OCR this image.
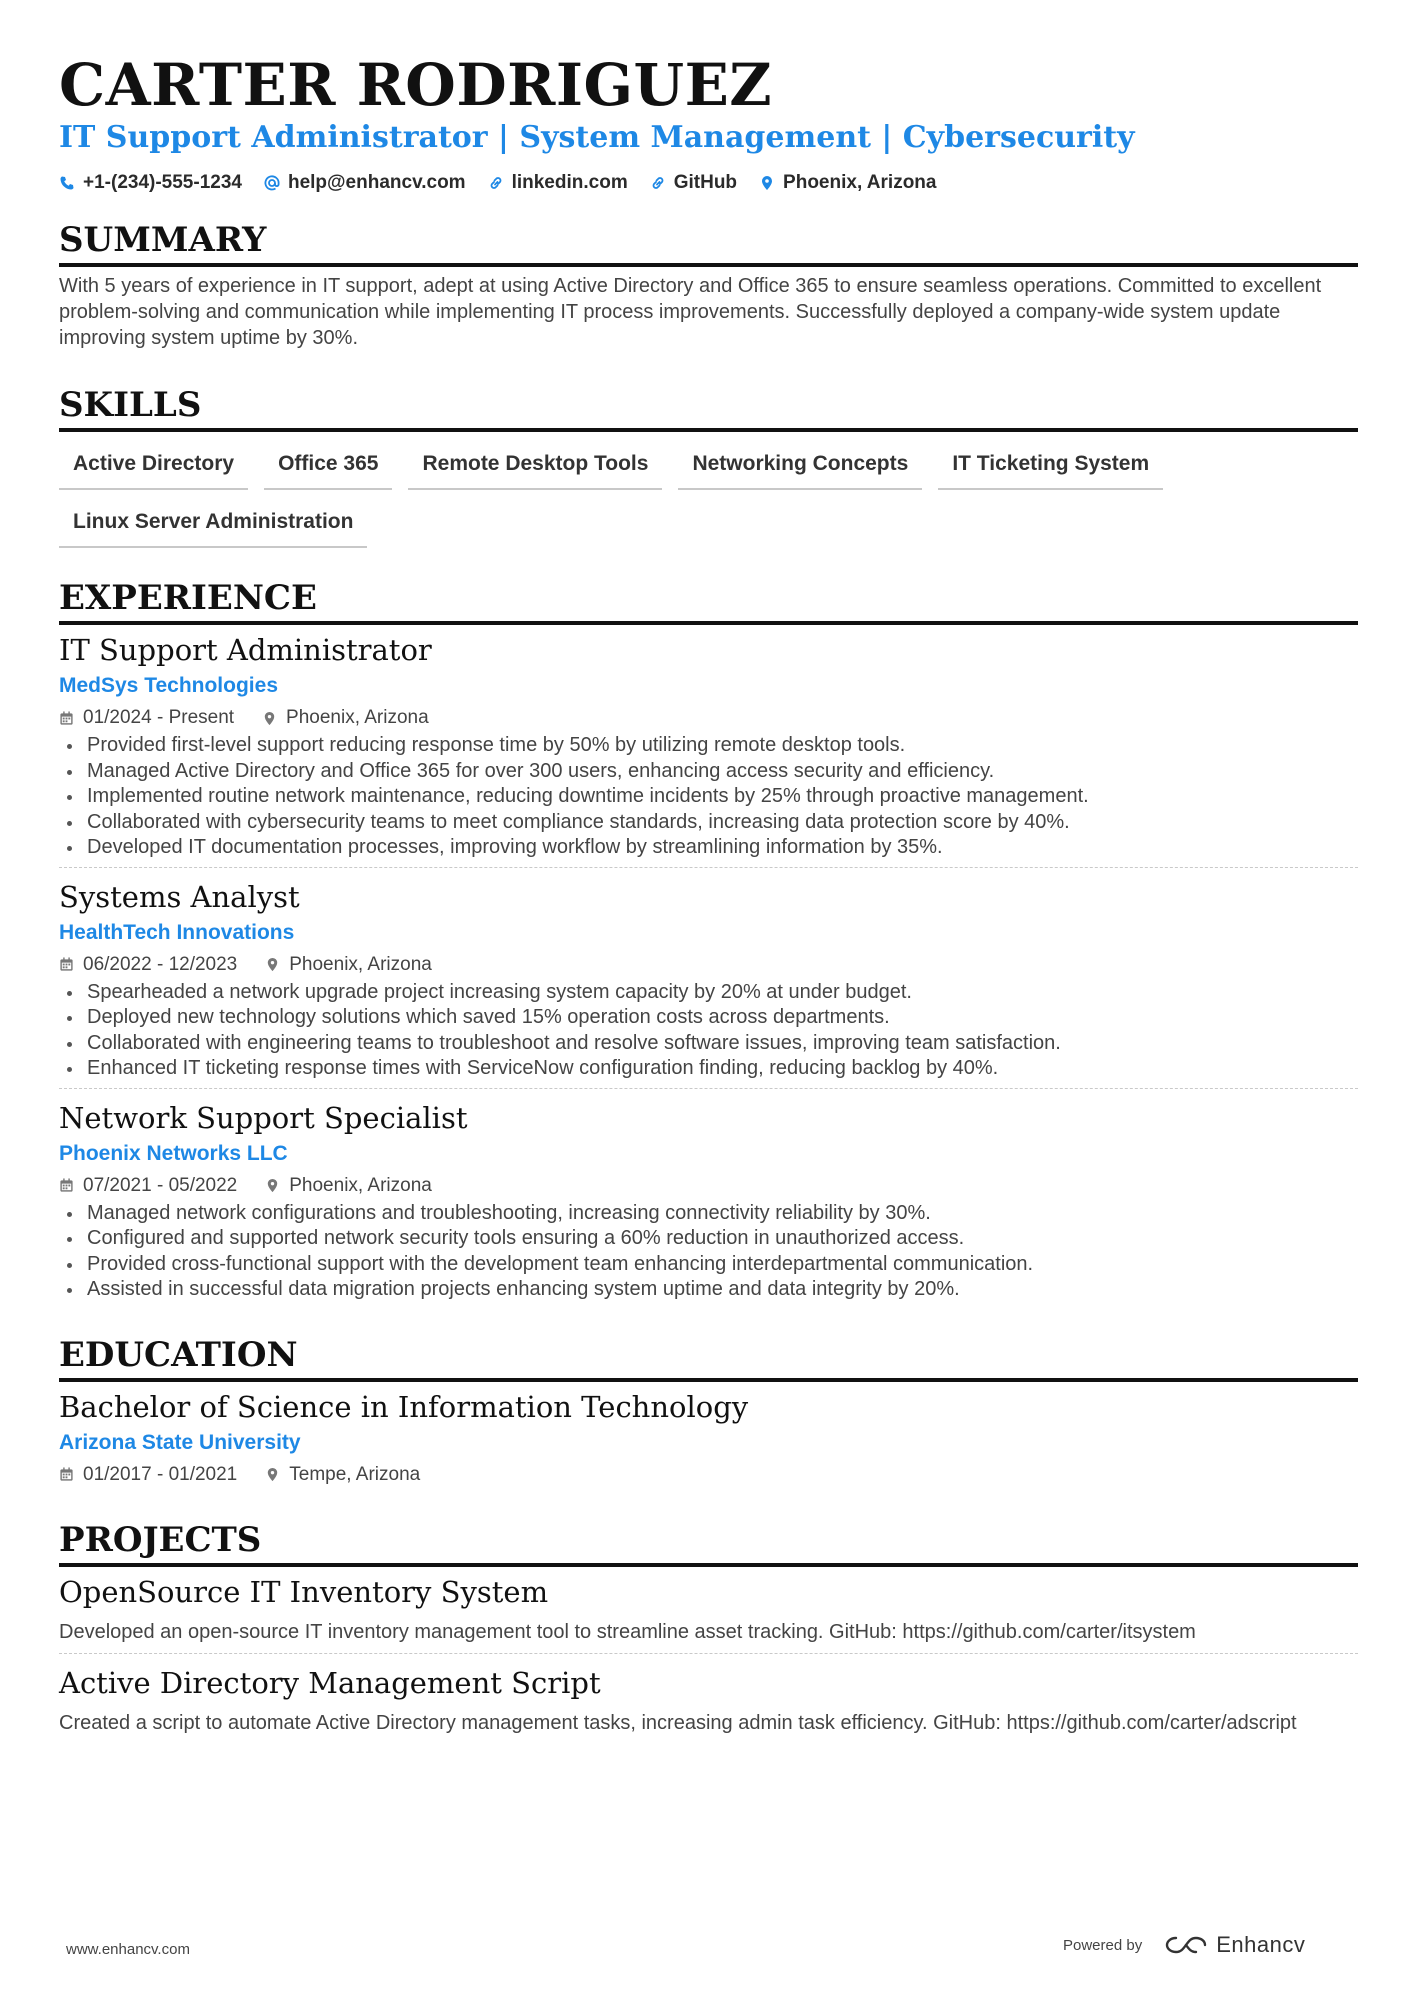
CARTER RODRIGUEZ
IT Support Administrator | System Management | Cybersecurity
+1-(234)-555-1234 help@enhancv.com linkedin.com GitHub Phoenix, Arizona
SUMMARY
With 5 years of experience in IT support, adept at using Active Directory and Office 365 to ensure seamless operations. Committed to excellent problem-solving and communication while implementing IT process improvements. Successfully deployed a company-wide system update improving system uptime by 30%.
SKILLS
Active Directory	Office 365	Remote Desktop Tools	Networking Concepts	IT Ticketing System
Linux Server Administration
EXPERIENCE
IT Support Administrator
MedSys Technologies
01/2024 - Present	Phoenix, Arizona
Provided first-level support reducing response time by 50% by utilizing remote desktop tools.
Managed Active Directory and Office 365 for over 300 users, enhancing access security and efficiency.
Implemented routine network maintenance, reducing downtime incidents by 25% through proactive management.
Collaborated with cybersecurity teams to meet compliance standards, increasing data protection score by 40%.
Developed IT documentation processes, improving workflow by streamlining information by 35%.
Systems Analyst
HealthTech Innovations
06/2022 - 12/2023	Phoenix, Arizona
Spearheaded a network upgrade project increasing system capacity by 20% at under budget.
Deployed new technology solutions which saved 15% operation costs across departments.
Collaborated with engineering teams to troubleshoot and resolve software issues, improving team satisfaction.
Enhanced IT ticketing response times with ServiceNow configuration finding, reducing backlog by 40%.
Network Support Specialist
Phoenix Networks LLC
07/2021 - 05/2022	Phoenix, Arizona
Managed network configurations and troubleshooting, increasing connectivity reliability by 30%.
Configured and supported network security tools ensuring a 60% reduction in unauthorized access.
Provided cross-functional support with the development team enhancing interdepartmental communication.
Assisted in successful data migration projects enhancing system uptime and data integrity by 20%.
EDUCATION
Bachelor of Science in Information Technology
Arizona State University
01/2017 - 01/2021	Tempe, Arizona
PROJECTS
OpenSource IT Inventory System
Developed an open-source IT inventory management tool to streamline asset tracking. GitHub: https://github.com/carter/itsystem
Active Directory Management Script
Created a script to automate Active Directory management tasks, increasing admin task efficiency. GitHub: https://github.com/carter/adscript
www.enhancv.com	Powered by	Enhancv
